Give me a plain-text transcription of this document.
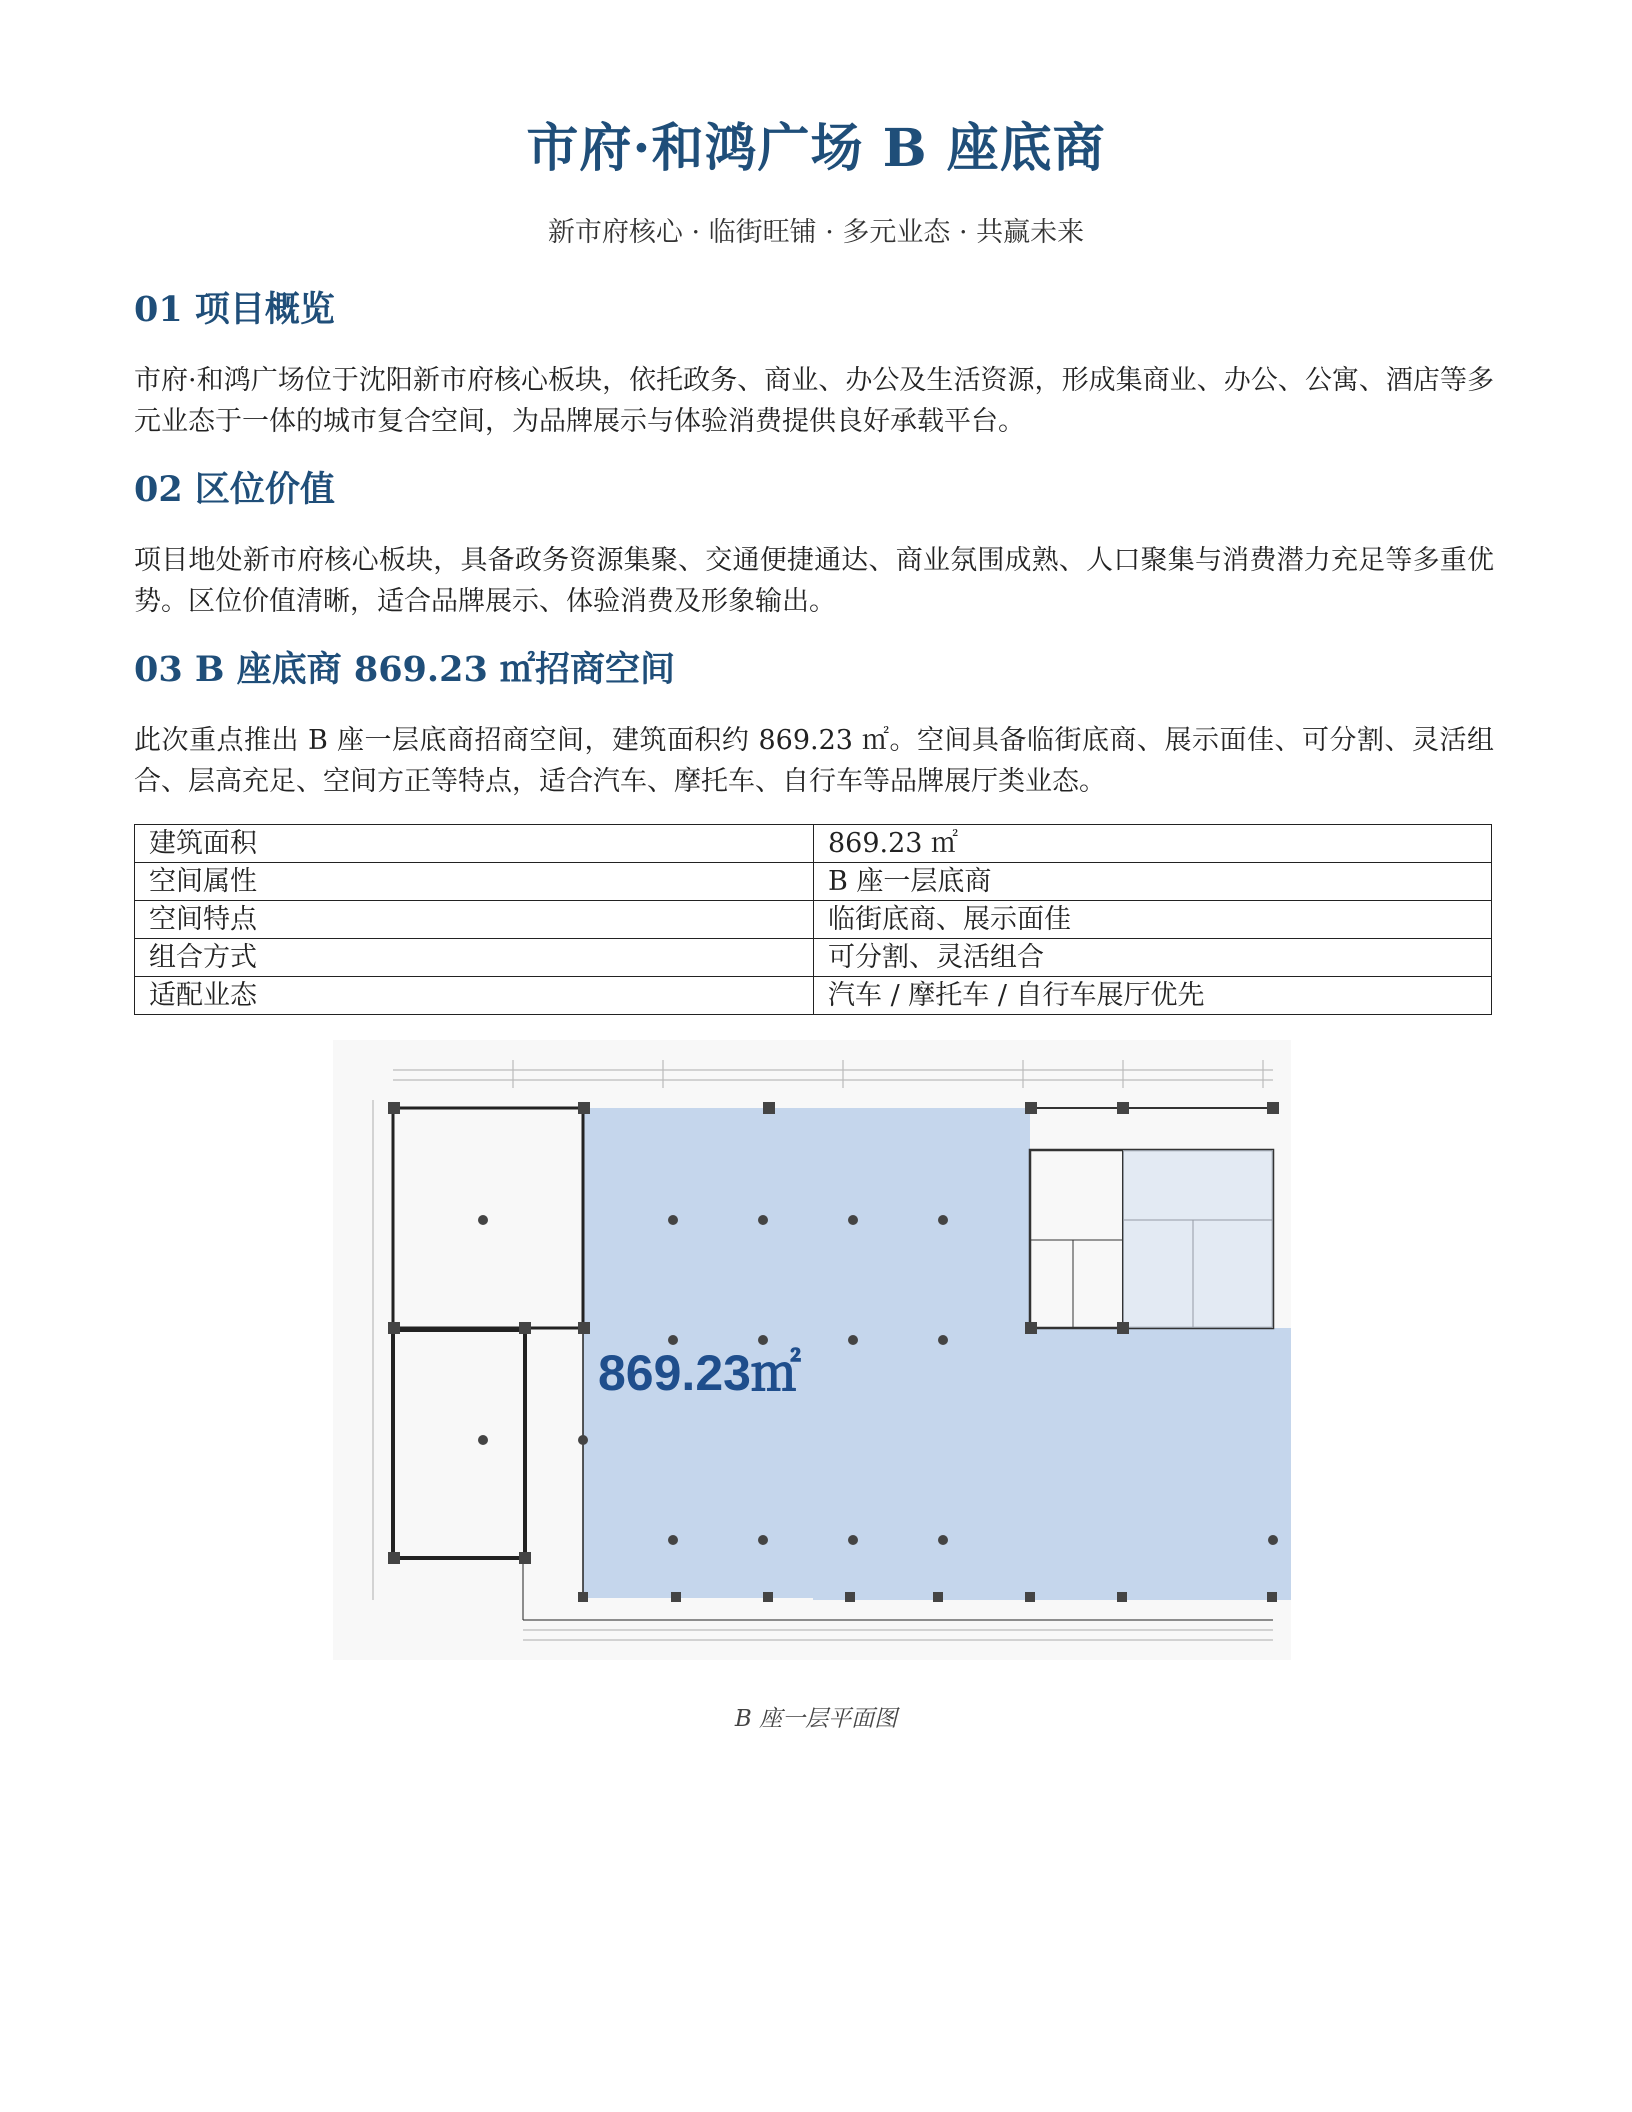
市府·和鸿广场 B 座底商

新市府核心 · 临街旺铺 · 多元业态 · 共赢未来

01 项目概览

市府·和鸿广场位于沈阳新市府核心板块，依托政务、商业、办公及生活资源，形成集商业、办公、公寓、酒店等多元业态于一体的城市复合空间，为品牌展示与体验消费提供良好承载平台。

02 区位价值

项目地处新市府核心板块，具备政务资源集聚、交通便捷通达、商业氛围成熟、人口聚集与消费潜力充足等多重优势。区位价值清晰，适合品牌展示、体验消费及形象输出。

03 B 座底商 869.23 ㎡招商空间

此次重点推出 B 座一层底商招商空间，建筑面积约 869.23 ㎡。空间具备临街底商、展示面佳、可分割、灵活组合、层高充足、空间方正等特点，适合汽车、摩托车、自行车等品牌展厅类业态。

建筑面积	869.23 ㎡
空间属性	B 座一层底商
空间特点	临街底商、展示面佳
组合方式	可分割、灵活组合
适配业态	汽车 / 摩托车 / 自行车展厅优先
869.23㎡

B 座一层平面图
